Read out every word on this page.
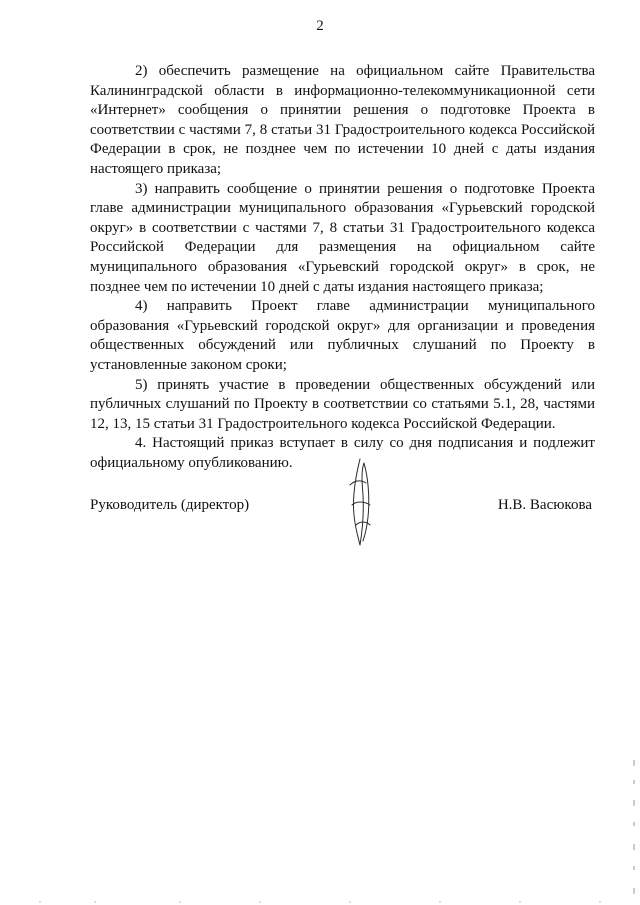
2

2) обеспечить размещение на официальном сайте Правительства Калининградской области в информационно-телекоммуникационной сети «Интернет» сообщения о принятии решения о подготовке Проекта в соответствии с частями 7, 8 статьи 31 Градостроительного кодекса Российской Федерации в срок, не позднее чем по истечении 10 дней с даты издания настоящего приказа;

3) направить сообщение о принятии решения о подготовке Проекта главе администрации муниципального образования «Гурьевский городской округ» в соответствии с частями 7, 8 статьи 31 Градостроительного кодекса Российской Федерации для размещения на официальном сайте муниципального образования «Гурьевский городской округ» в срок, не позднее чем по истечении 10 дней с даты издания настоящего приказа;

4) направить Проект главе администрации муниципального образования «Гурьевский городской округ» для организации и проведения общественных обсуждений или публичных слушаний по Проекту в установленные законом сроки;

5) принять участие в проведении общественных обсуждений или публичных слушаний по Проекту в соответствии со статьями 5.1, 28, частями 12, 13, 15 статьи 31 Градостроительного кодекса Российской Федерации.

4. Настоящий приказ вступает в силу со дня подписания и подлежит официальному опубликованию.

Руководитель (директор)	Н.В. Васюкова
